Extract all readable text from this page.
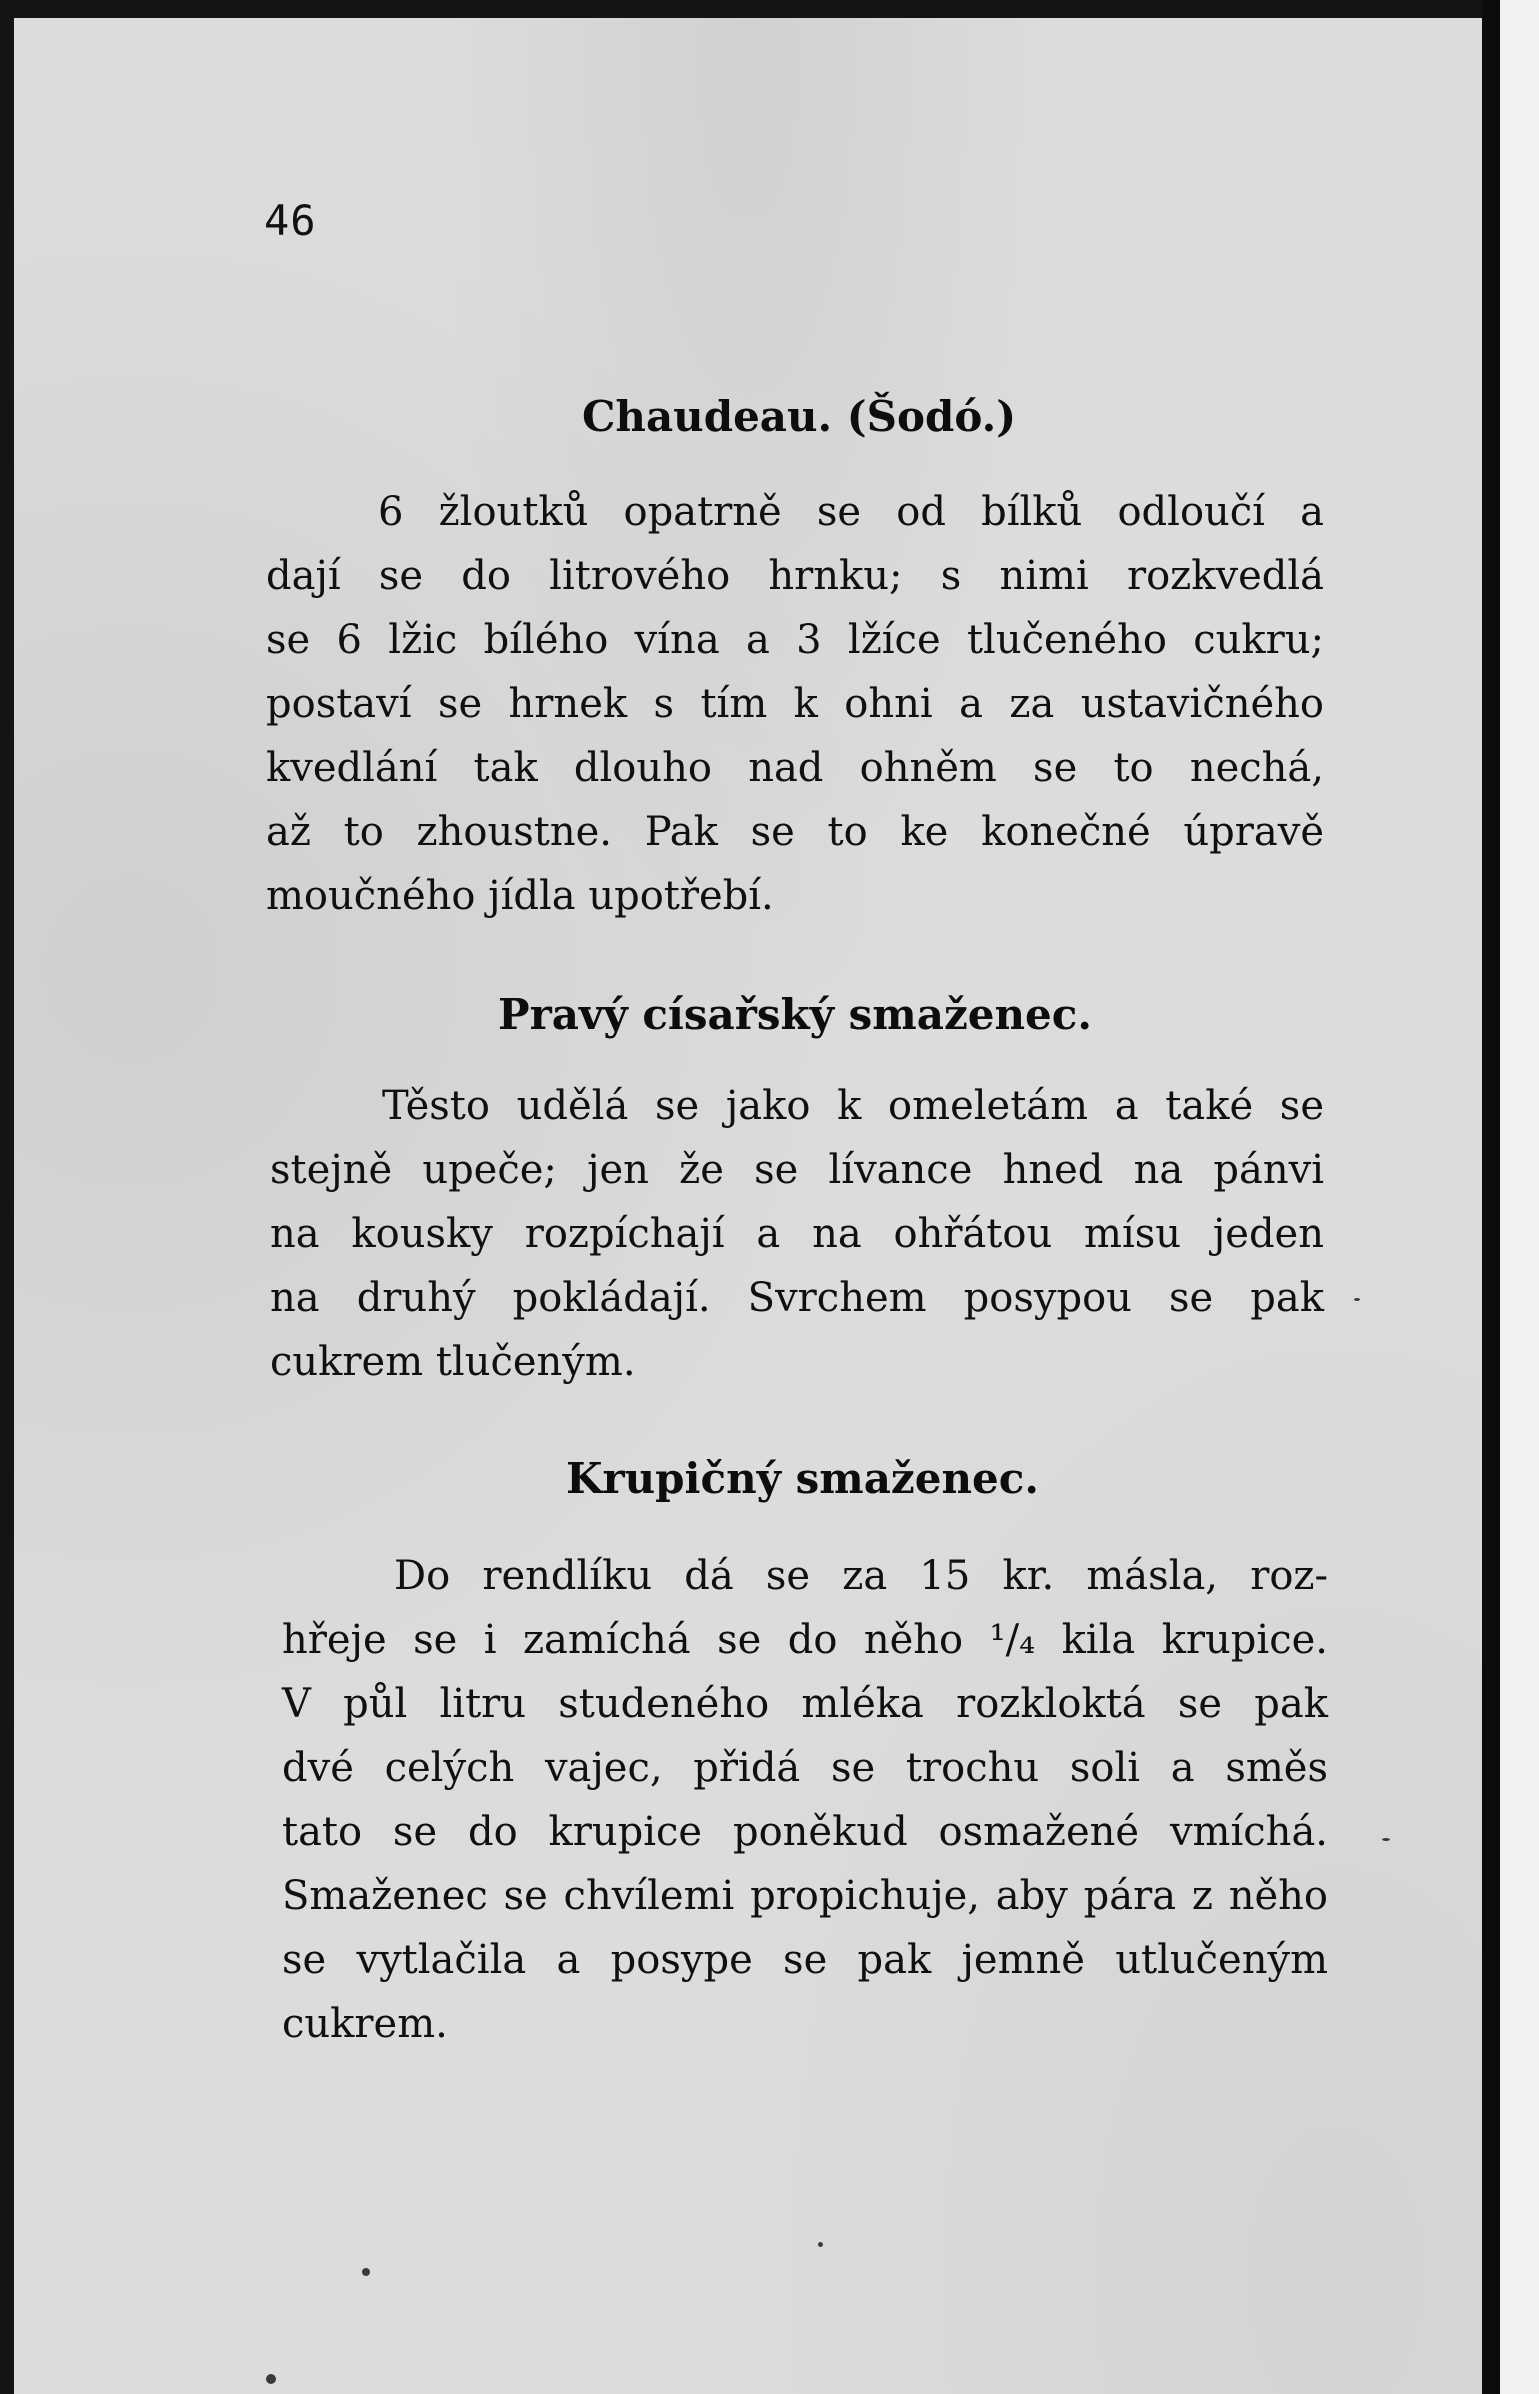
46
Chaudeau. (Šodó.)
6 žloutků opatrně se od bílků odloučí a
dají se do litrového hrnku; s nimi rozkvedlá
se 6 lžic bílého vína a 3 lžíce tlučeného cukru;
postaví se hrnek s tím k ohni a za ustavičného
kvedlání tak dlouho nad ohněm se to nechá,
až to zhoustne. Pak se to ke konečné úpravě
moučného jídla upotřebí.
Pravý císařský smaženec.
Těsto udělá se jako k omeletám a také se
stejně upeče; jen že se lívance hned na pánvi
na kousky rozpíchají a na ohřátou mísu jeden
na druhý pokládají. Svrchem posypou se pak
cukrem tlučeným.
Krupičný smaženec.
Do rendlíku dá se za 15 kr. másla, roz-
hřeje se i zamíchá se do něho ¹/₄ kila krupice.
V půl litru studeného mléka rozkloktá se pak
dvé celých vajec, přidá se trochu soli a směs
tato se do krupice poněkud osmažené vmíchá.
Smaženec se chvílemi propichuje, aby pára z něho
se vytlačila a posype se pak jemně utlučeným
cukrem.
